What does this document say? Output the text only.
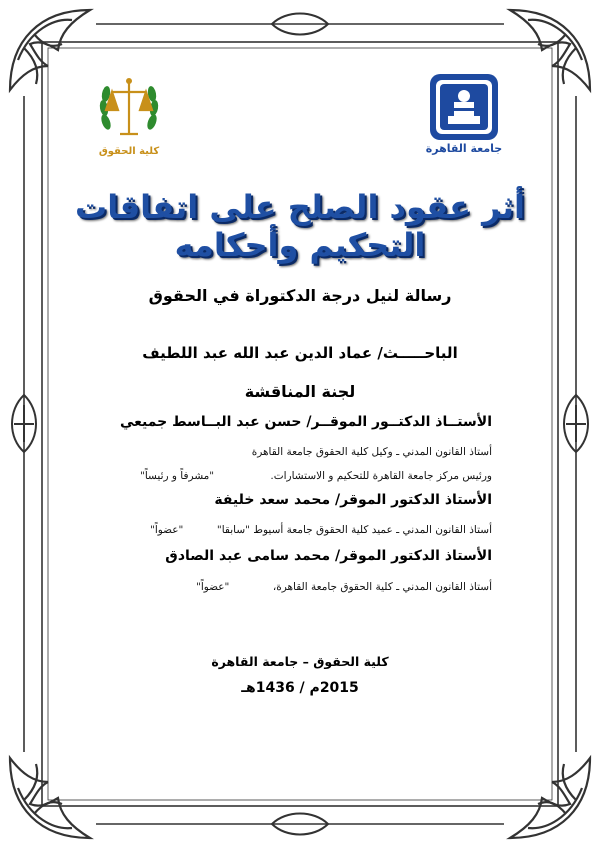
جامعة القاهرة
كلية الحقوق
أثر عقود الصلح على اتفاقات التحكيم وأحكامه
رسالة لنيل درجة الدكتوراة في الحقوق
الباحـــــث/ عماد الدين عبد الله عبد اللطيف
لجنة المناقشة
الأستــاذ الدكتــور الموقــر/ حسن عبد البــاسط جميعي
أستاذ القانون المدني ـ وكيل كلية الحقوق جامعة القاهرة
ورئيس مركز جامعة القاهرة للتحكيم و الاستشارات.
"مشرفاً و رئيساً"
الأستاذ الدكتور الموقر/ محمد سعد خليفة
أستاذ القانون المدني ـ عميد كلية الحقوق جامعة أسيوط "سابقا"
"عضواً"
الأستاذ الدكتور الموقر/ محمد سامى عبد الصادق
أستاذ القانون المدني ـ كلية الحقوق جامعة القاهرة،
"عضواً"
كلية الحقوق – جامعة القاهرة
2015م / 1436هـ
